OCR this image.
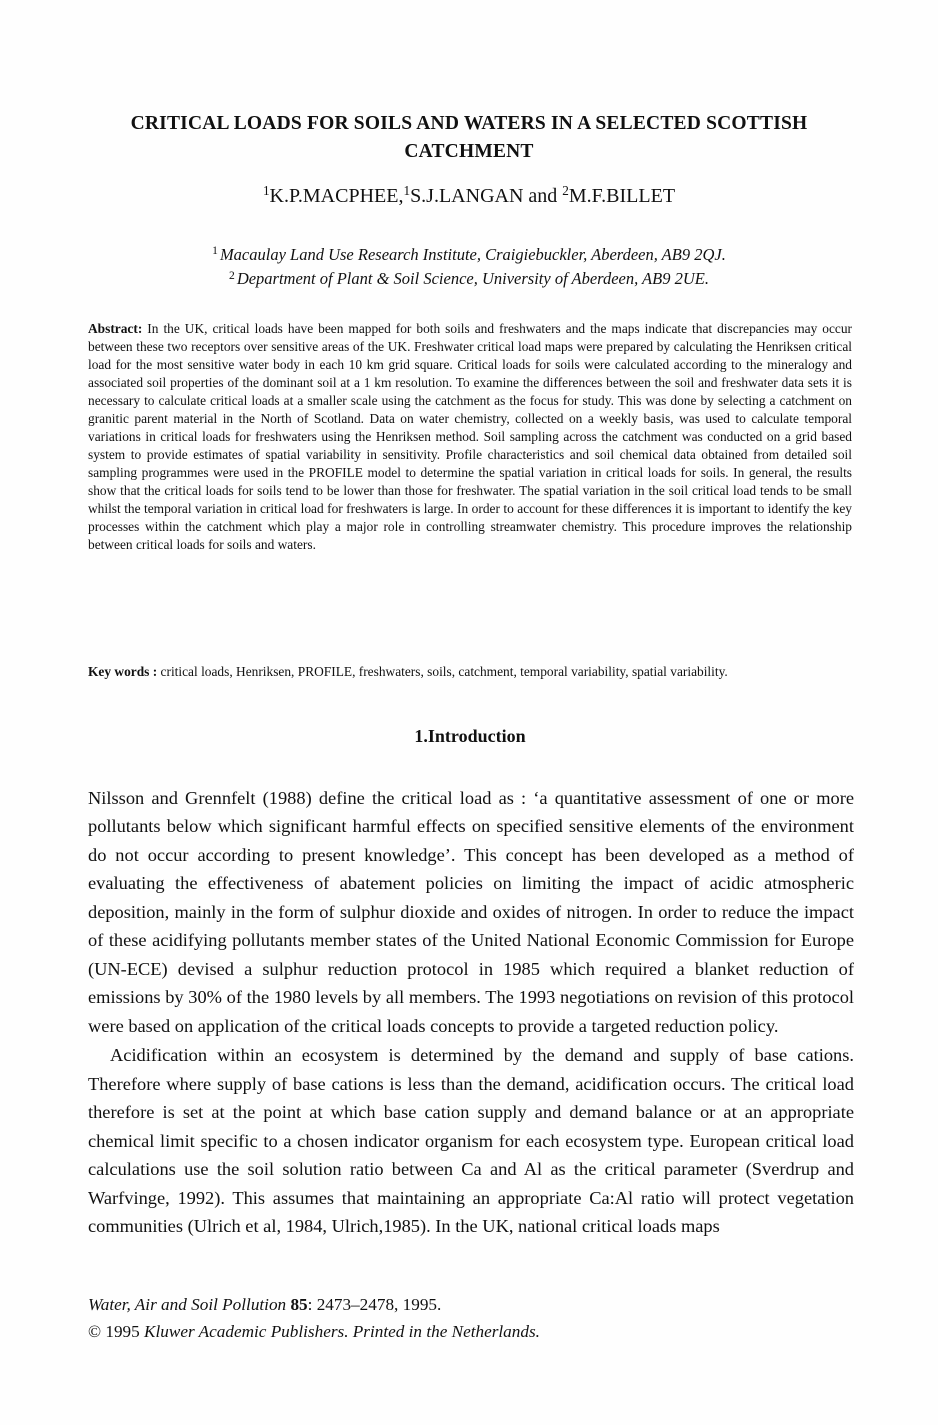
CRITICAL LOADS FOR SOILS AND WATERS IN A SELECTED SCOTTISH CATCHMENT
$^1$K.P.MACPHEE,$^1$S.J.LANGAN and $^2$M.F.BILLET
$^1$ Macaulay Land Use Research Institute, Craigiebuckler, Aberdeen, AB9 2QJ.
$^2$ Department of Plant & Soil Science, University of Aberdeen, AB9 2UE.
Abstract: In the UK, critical loads have been mapped for both soils and freshwaters and the maps indicate that discrepancies may occur between these two receptors over sensitive areas of the UK. Freshwater critical load maps were prepared by calculating the Henriksen critical load for the most sensitive water body in each 10 km grid square. Critical loads for soils were calculated according to the mineralogy and associated soil properties of the dominant soil at a 1 km resolution. To examine the differences between the soil and freshwater data sets it is necessary to calculate critical loads at a smaller scale using the catchment as the focus for study. This was done by selecting a catchment on granitic parent material in the North of Scotland. Data on water chemistry, collected on a weekly basis, was used to calculate temporal variations in critical loads for freshwaters using the Henriksen method. Soil sampling across the catchment was conducted on a grid based system to provide estimates of spatial variability in sensitivity. Profile characteristics and soil chemical data obtained from detailed soil sampling programmes were used in the PROFILE model to determine the spatial variation in critical loads for soils. In general, the results show that the critical loads for soils tend to be lower than those for freshwater. The spatial variation in the soil critical load tends to be small whilst the temporal variation in critical load for freshwaters is large. In order to account for these differences it is important to identify the key processes within the catchment which play a major role in controlling streamwater chemistry. This procedure improves the relationship between critical loads for soils and waters.
Key words : critical loads, Henriksen, PROFILE, freshwaters, soils, catchment, temporal variability, spatial variability.
1.Introduction

Nilsson and Grennfelt (1988) define the critical load as : ‘a quantitative assessment of one or more pollutants below which significant harmful effects on specified sensitive elements of the environment do not occur according to present knowledge’. This concept has been developed as a method of evaluating the effectiveness of abatement policies on limiting the impact of acidic atmospheric deposition, mainly in the form of sulphur dioxide and oxides of nitrogen. In order to reduce the impact of these acidifying pollutants member states of the United National Economic Commission for Europe (UN-ECE) devised a sulphur reduction protocol in 1985 which required a blanket reduction of emissions by 30% of the 1980 levels by all members. The 1993 negotiations on revision of this protocol were based on application of the critical loads concepts to provide a targeted reduction policy.

Acidification within an ecosystem is determined by the demand and supply of base cations. Therefore where supply of base cations is less than the demand, acidification occurs. The critical load therefore is set at the point at which base cation supply and demand balance or at an appropriate chemical limit specific to a chosen indicator organism for each ecosystem type. European critical load calculations use the soil solution ratio between Ca and Al as the critical parameter (Sverdrup and Warfvinge, 1992). This assumes that maintaining an appropriate Ca:Al ratio will protect vegetation communities (Ulrich et al, 1984, Ulrich,1985). In the UK, national critical loads maps

Water, Air and Soil Pollution 85: 2473–2478, 1995.
© 1995 Kluwer Academic Publishers. Printed in the Netherlands.
